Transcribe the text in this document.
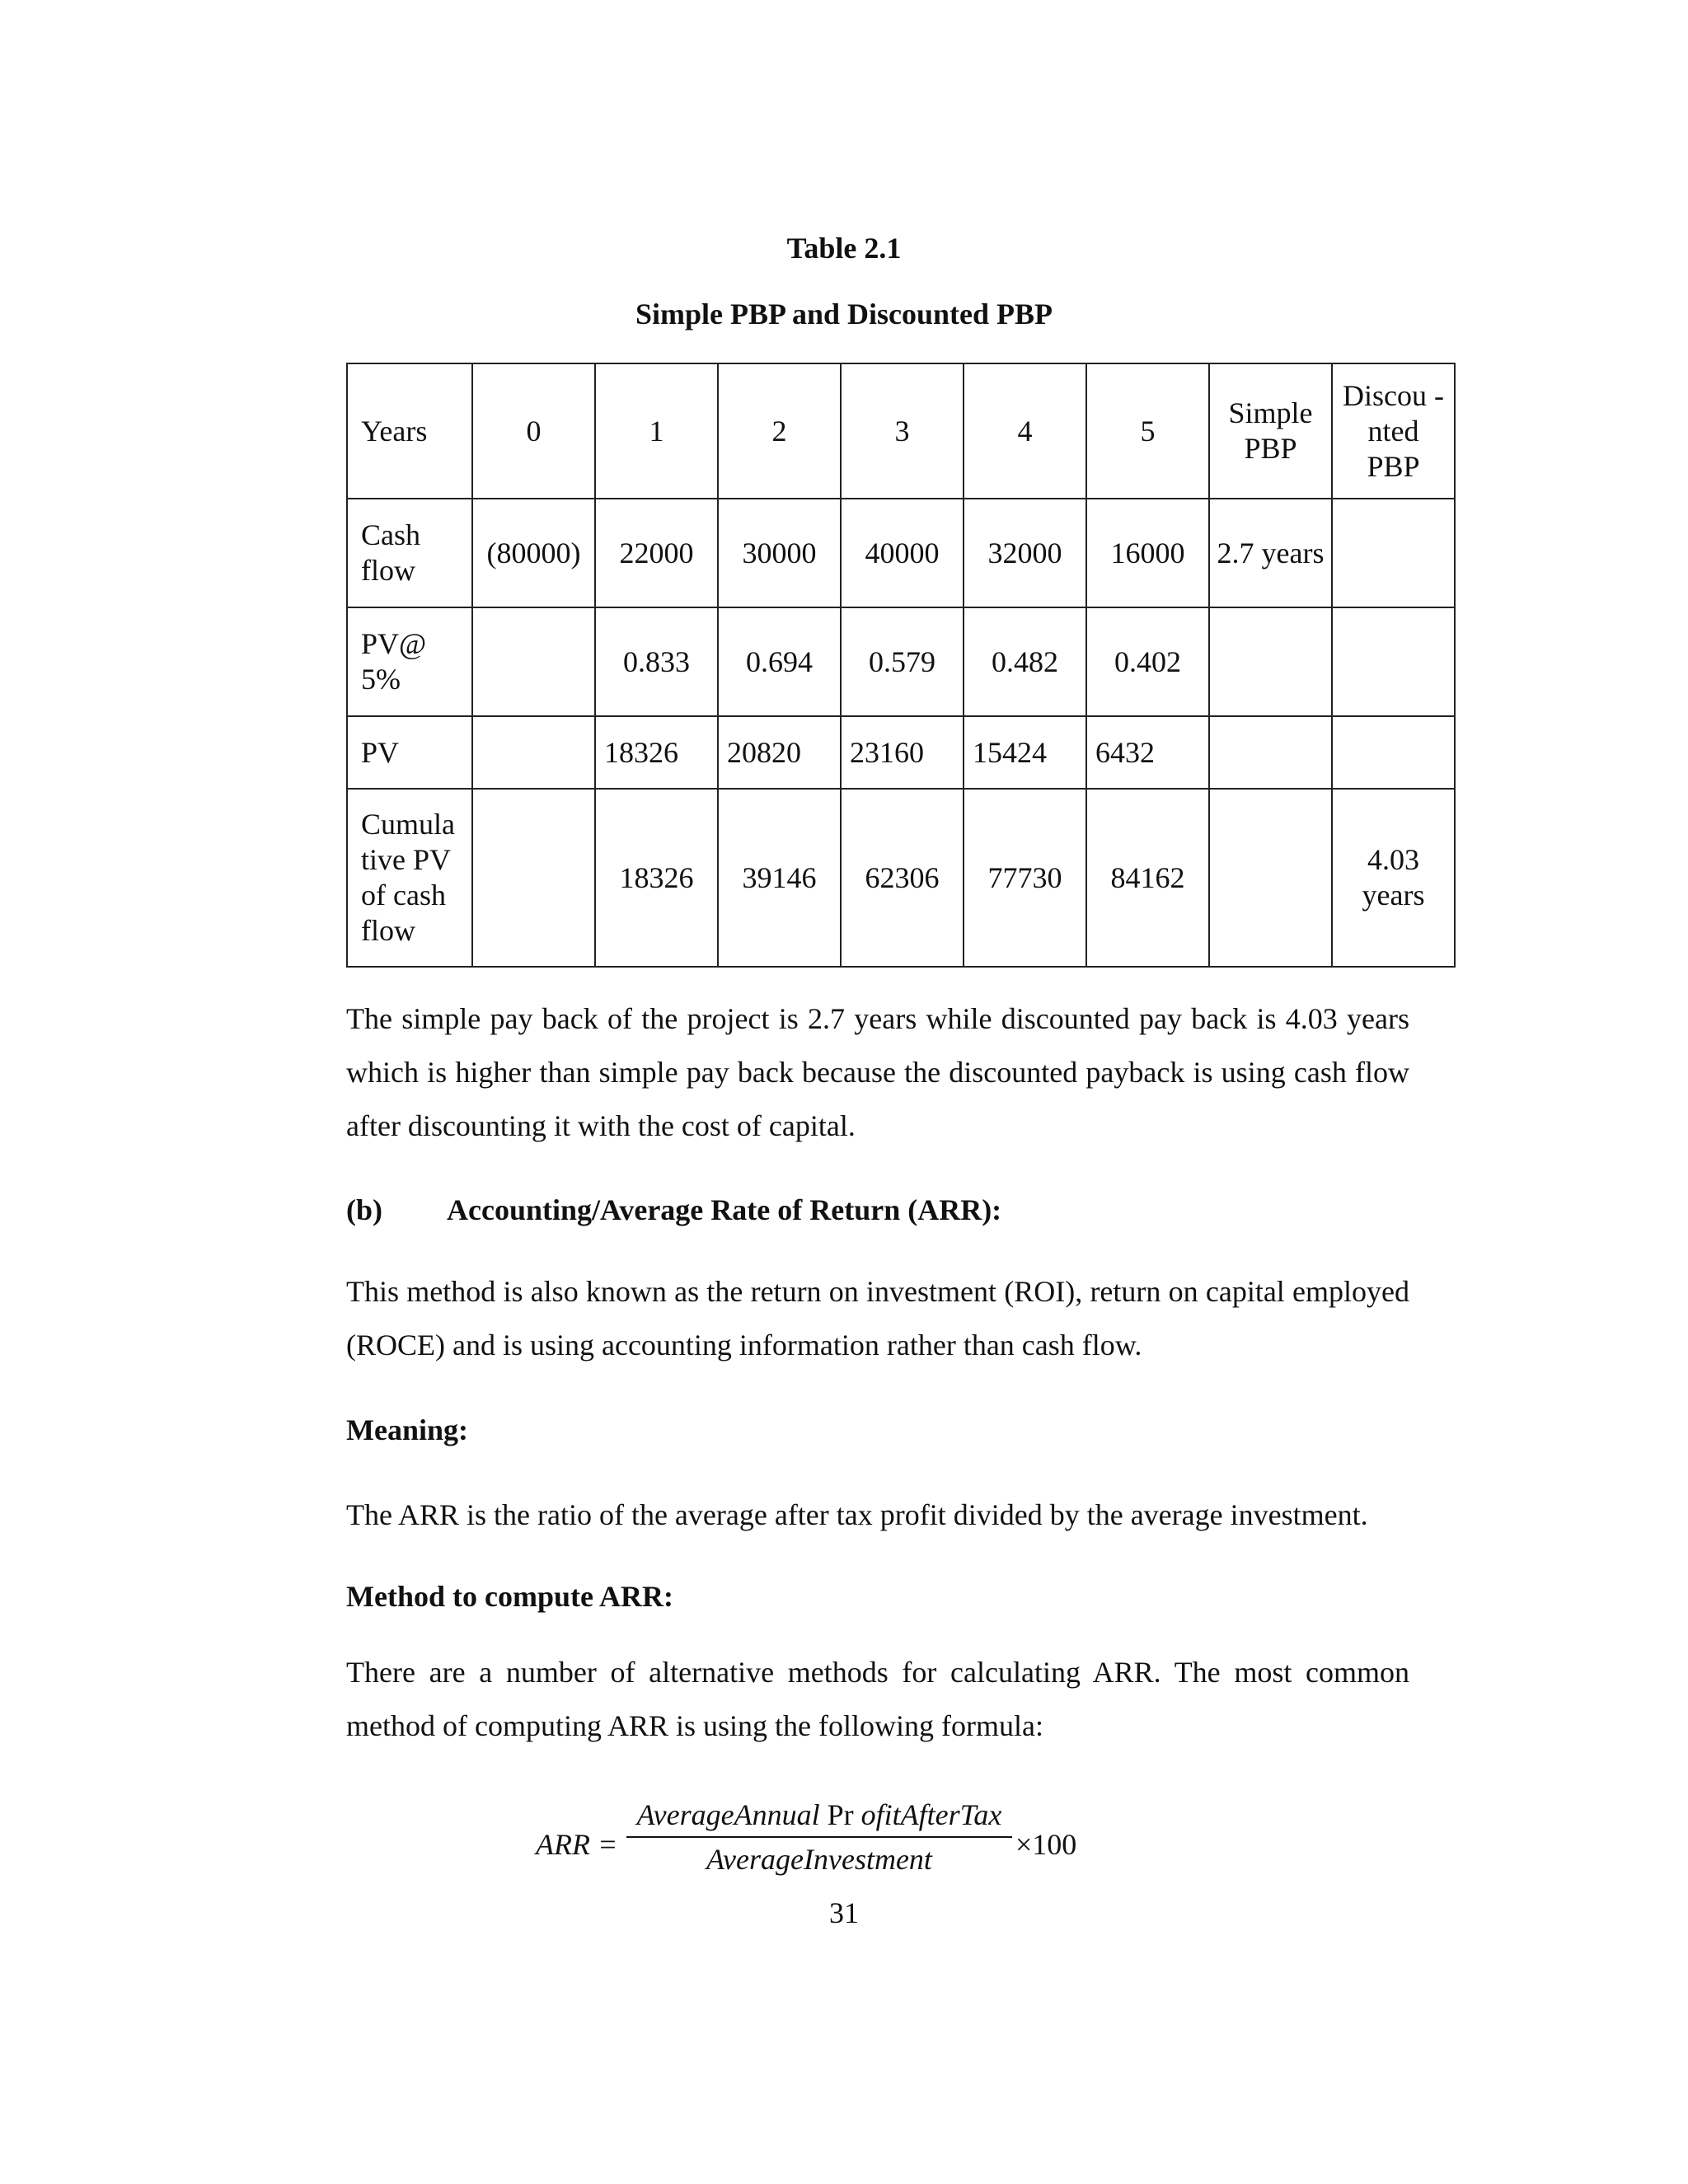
Table 2.1
Simple PBP and Discounted PBP
Years	0	1	2	3	4	5	Simple PBP	Discou -nted PBP
Cash flow	(80000)	22000	30000	40000	32000	16000	2.7 years	
PV@ 5%		0.833	0.694	0.579	0.482	0.402		
PV		18326	20820	23160	15424	6432		
Cumula tive PV of cash flow		18326	39146	62306	77730	84162		4.03 years
The simple pay back of the project is 2.7 years while discounted pay back is 4.03 years which is higher than simple pay back because the discounted payback is using cash flow after discounting it with the cost of capital.
(b) Accounting/Average Rate of Return (ARR):
This method is also known as the return on investment (ROI), return on capital employed (ROCE) and is using accounting information rather than cash flow.
Meaning:
The ARR is the ratio of the average after tax profit divided by the average investment.
Method to compute ARR:
There are a number of alternative methods for calculating ARR. The most common method of computing ARR is using the following formula:
ARR =
AverageAnnual Pr ofitAfterTax
AverageInvestment	×100
31
